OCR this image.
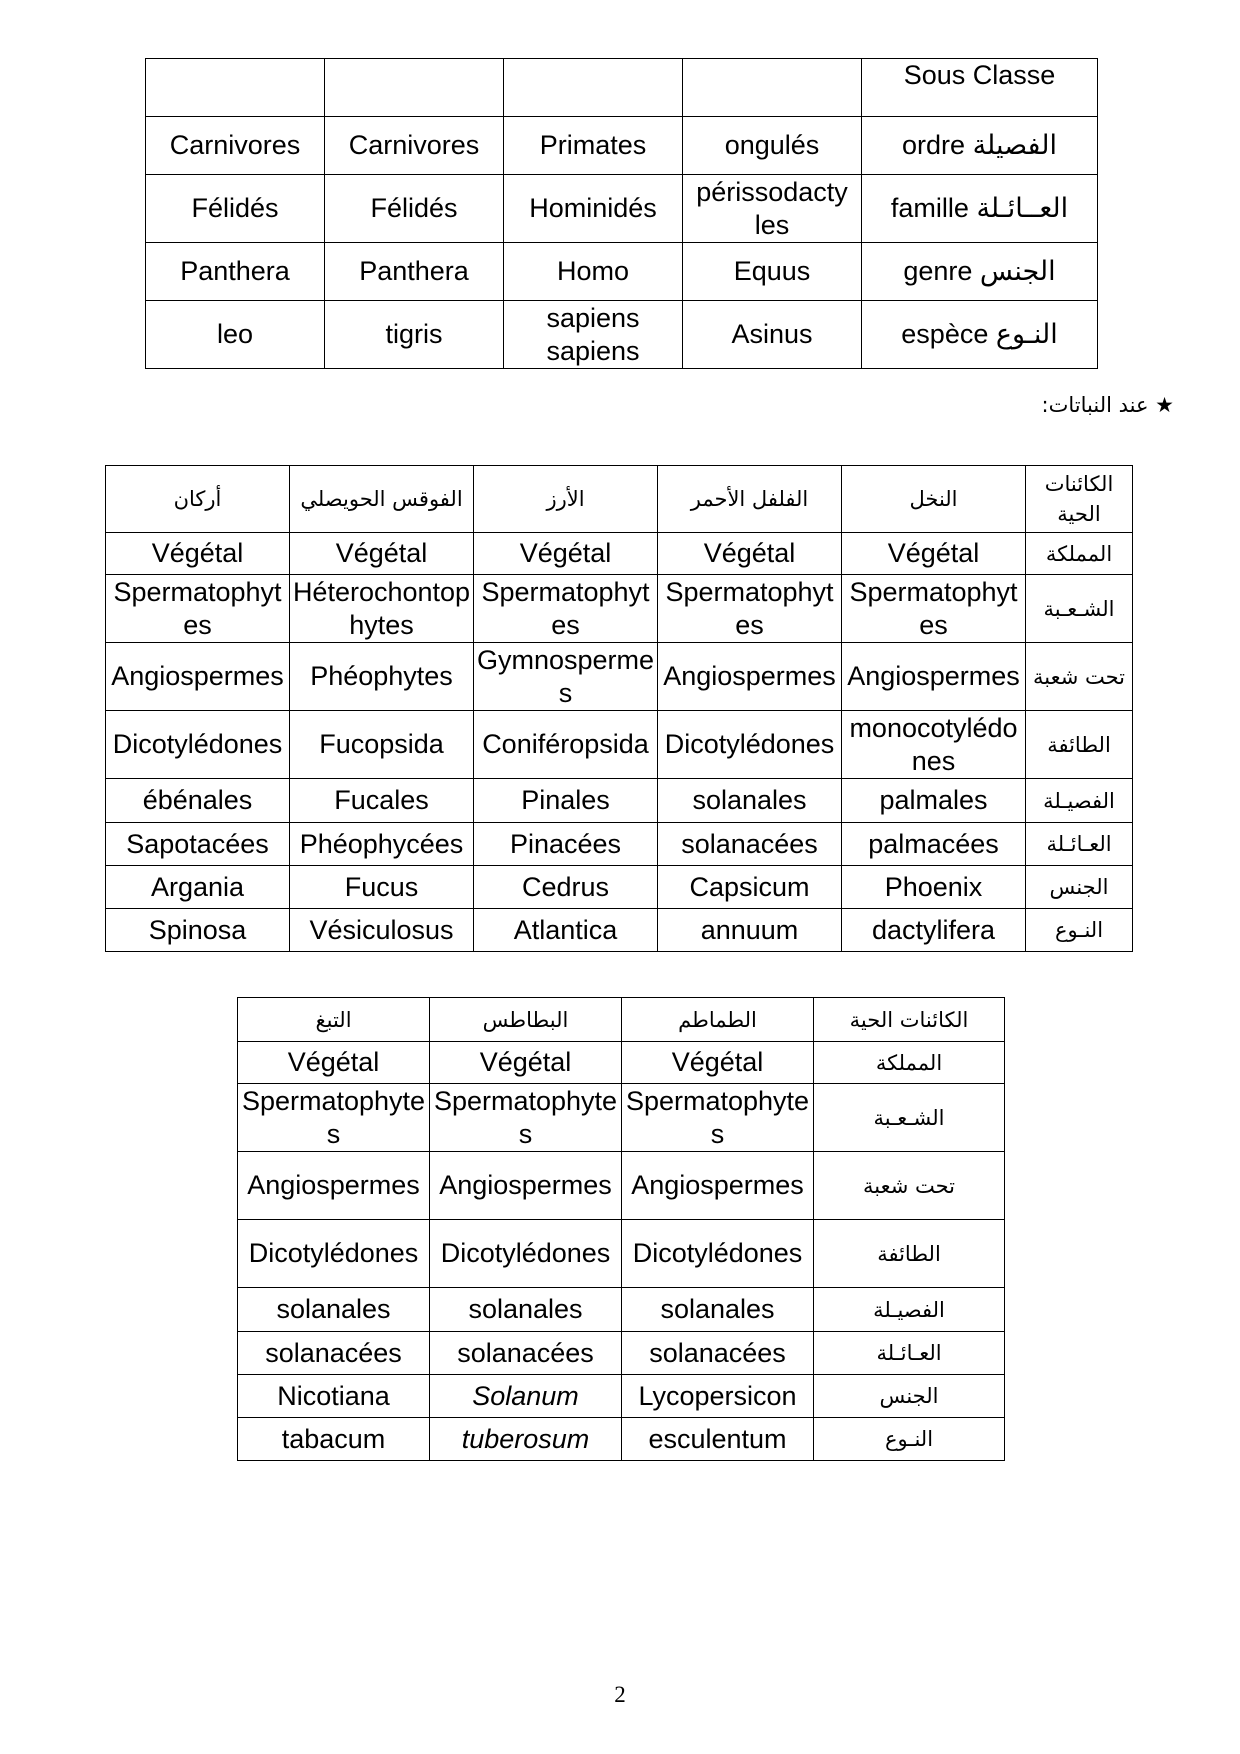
				Sous Classe
Carnivores	Carnivores	Primates	ongulés	ordre الفصيلة
Félidés	Félidés	Hominidés	périssodacty les	famille العــائـلة
Panthera	Panthera	Homo	Equus	genre الجنس
leo	tigris	sapiens sapiens	Asinus	espèce النـوع
★ عند النباتات:
أركان	الفوقس الحويصلي	الأرز	الفلفل الأحمر	النخل	الكائنات الحية
Végétal	Végétal	Végétal	Végétal	Végétal	المملكة
Spermatophytes	Héterochontophytes	Spermatophytes	Spermatophytes	Spermatophytes	الشـعـبة
Angiospermes	Phéophytes	Gymnospermes	Angiospermes	Angiospermes	تحت شعبة
Dicotylédones	Fucopsida	Coniféropsida	Dicotylédones	monocotylédones	الطائفة
ébénales	Fucales	Pinales	solanales	palmales	الفصيـلة
Sapotacées	Phéophycées	Pinacées	solanacées	palmacées	العـائـلة
Argania	Fucus	Cedrus	Capsicum	Phoenix	الجنس
Spinosa	Vésiculosus	Atlantica	annuum	dactylifera	النـوع
التبغ	البطاطس	الطماطم	الكائنات الحية
Végétal	Végétal	Végétal	المملكة
Spermatophytes	Spermatophytes	Spermatophytes	الشـعـبة
Angiospermes	Angiospermes	Angiospermes	تحت شعبة
Dicotylédones	Dicotylédones	Dicotylédones	الطائفة
solanales	solanales	solanales	الفصيـلة
solanacées	solanacées	solanacées	العـائـلة
Nicotiana	Solanum	Lycopersicon	الجنس
tabacum	tuberosum	esculentum	النـوع
2
